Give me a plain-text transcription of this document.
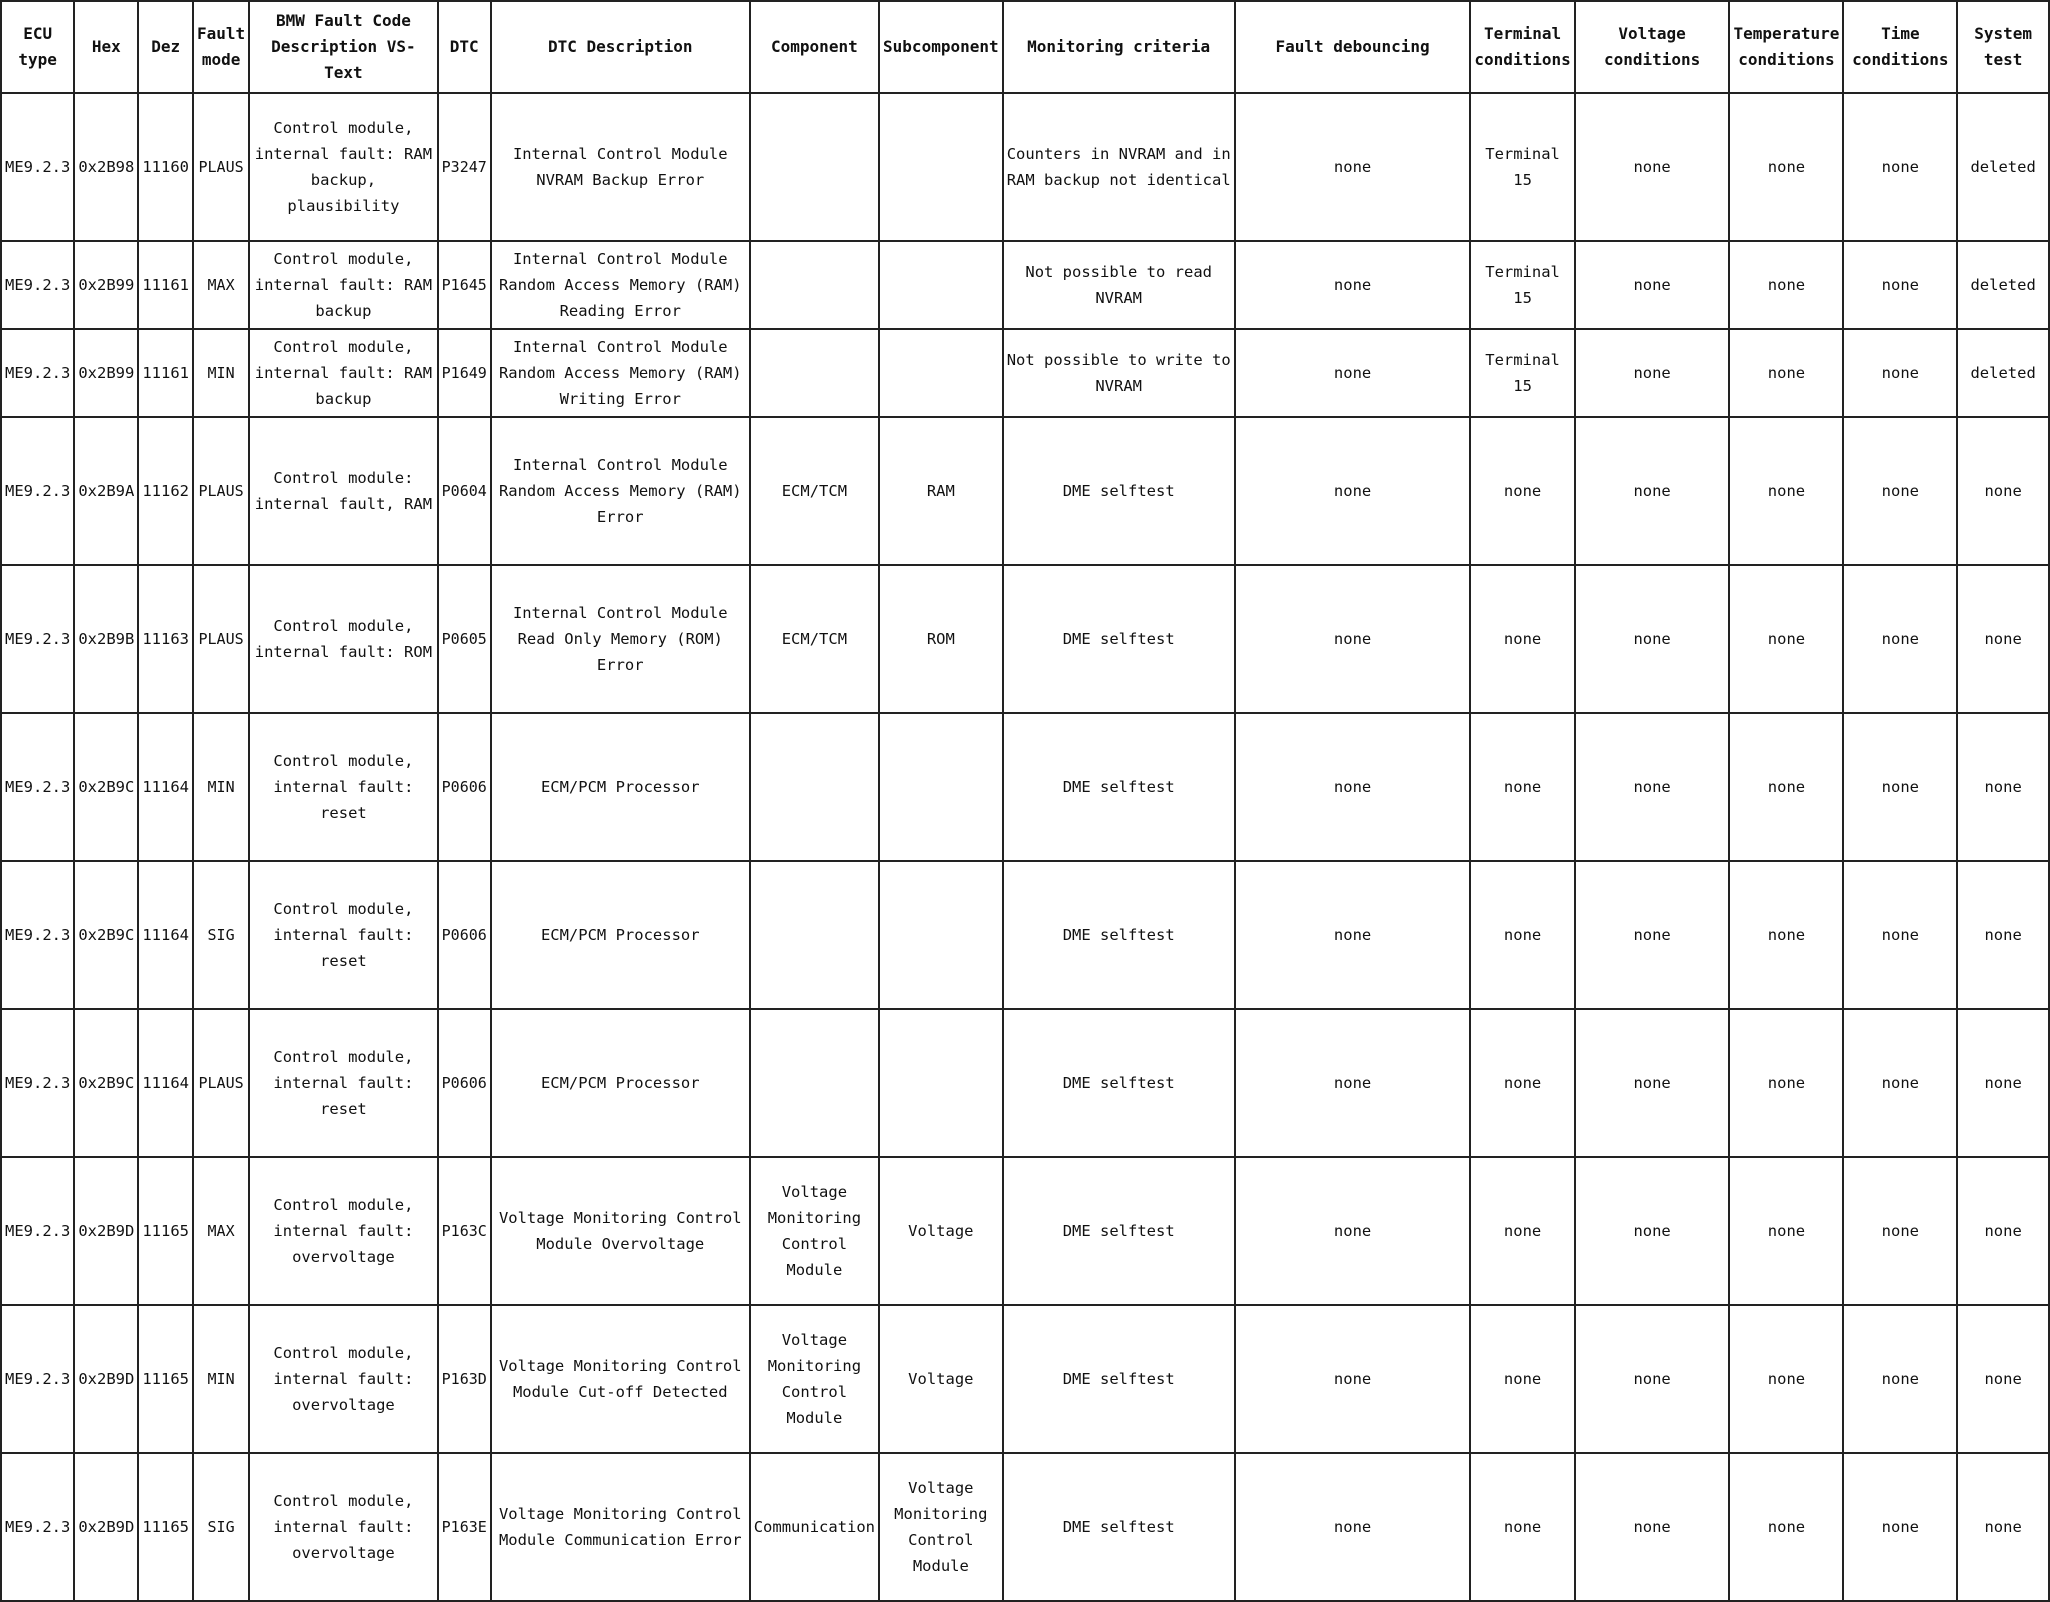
ECU type	Hex	Dez	Fault mode	BMW Fault Code Description VS-Text	DTC	DTC Description	Component	Subcomponent	Monitoring criteria	Fault debouncing	Terminal conditions	Voltage conditions	Temperature conditions	Time conditions	System test
ME9.2.3	0x2B98	11160	PLAUS	Control module, internal fault: RAM backup, plausibility	P3247	Internal Control Module NVRAM Backup Error			Counters in NVRAM and in RAM backup not identical	none	Terminal 15	none	none	none	deleted
ME9.2.3	0x2B99	11161	MAX	Control module, internal fault: RAM backup	P1645	Internal Control Module Random Access Memory (RAM) Reading Error			Not possible to read NVRAM	none	Terminal 15	none	none	none	deleted
ME9.2.3	0x2B99	11161	MIN	Control module, internal fault: RAM backup	P1649	Internal Control Module Random Access Memory (RAM) Writing Error			Not possible to write to NVRAM	none	Terminal 15	none	none	none	deleted
ME9.2.3	0x2B9A	11162	PLAUS	Control module: internal fault, RAM	P0604	Internal Control Module Random Access Memory (RAM) Error	ECM/TCM	RAM	DME selftest	none	none	none	none	none	none
ME9.2.3	0x2B9B	11163	PLAUS	Control module, internal fault: ROM	P0605	Internal Control Module Read Only Memory (ROM) Error	ECM/TCM	ROM	DME selftest	none	none	none	none	none	none
ME9.2.3	0x2B9C	11164	MIN	Control module, internal fault: reset	P0606	ECM/PCM Processor			DME selftest	none	none	none	none	none	none
ME9.2.3	0x2B9C	11164	SIG	Control module, internal fault: reset	P0606	ECM/PCM Processor			DME selftest	none	none	none	none	none	none
ME9.2.3	0x2B9C	11164	PLAUS	Control module, internal fault: reset	P0606	ECM/PCM Processor			DME selftest	none	none	none	none	none	none
ME9.2.3	0x2B9D	11165	MAX	Control module, internal fault: overvoltage	P163C	Voltage Monitoring Control Module Overvoltage	Voltage Monitoring Control Module	Voltage	DME selftest	none	none	none	none	none	none
ME9.2.3	0x2B9D	11165	MIN	Control module, internal fault: overvoltage	P163D	Voltage Monitoring Control Module Cut-off Detected	Voltage Monitoring Control Module	Voltage	DME selftest	none	none	none	none	none	none
ME9.2.3	0x2B9D	11165	SIG	Control module, internal fault: overvoltage	P163E	Voltage Monitoring Control Module Communication Error	Communication	Voltage Monitoring Control Module	DME selftest	none	none	none	none	none	none
